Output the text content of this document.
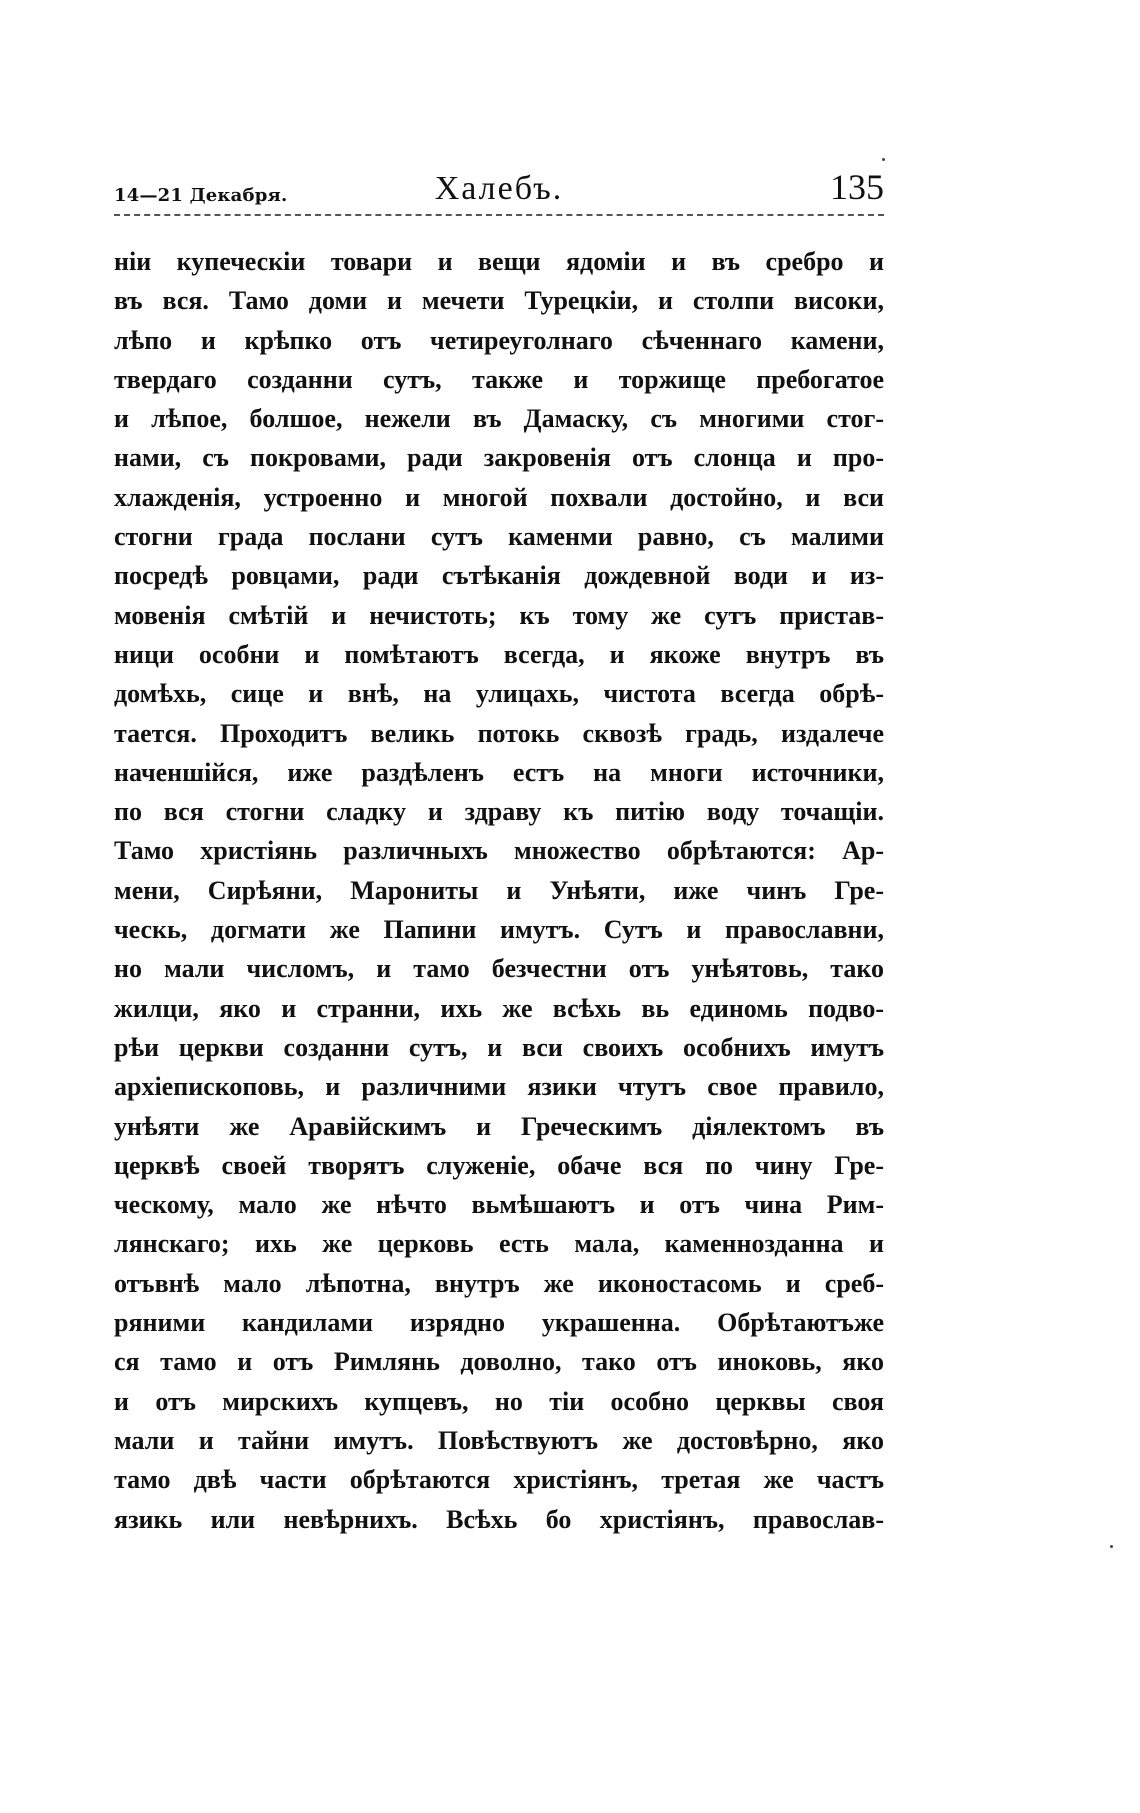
14—21 Декабря.	Халебъ.	135
ніи купеческіи товари и вещи ядоміи и въ сребро и
въ вся. Тамо доми и мечети Турецкіи, и столпи високи,
лѣпо и крѣпко отъ четиреуголнаго сѣченнаго камени,
твердаго созданни сутъ, также и торжище пребогатое
и лѣпое, болшое, нежели въ Дамаску, съ многими стог-
нами, съ покровами, ради закровенія отъ слонца и про-
хлажденія, устроенно и многой похвали достойно, и вси
стогни града послани сутъ каменми равно, съ малими
посредѣ ровцами, ради сътѣканія дождевной води и из-
мовенія смѣтій и нечистоть; къ тому же сутъ пристав-
ници особни и помѣтаютъ всегда, и якоже внутръ въ
домѣхь, сице и внѣ, на улицахь, чистота всегда обрѣ-
тается. Проходитъ великь потокь сквозѣ градь, издалече
наченшійся, иже раздѣленъ естъ на многи источники,
по вся стогни сладку и здраву къ питію воду точащіи.
Тамо христіянь различныхъ множество обрѣтаются: Ар-
мени, Сирѣяни, Марониты и Унѣяти, иже чинъ Гре-
ческь, догмати же Папини имутъ. Сутъ и православни,
но мали числомъ, и тамо безчестни отъ унѣятовь, тако
жилци, яко и странни, ихь же всѣхь вь единомь подво-
рѣи церкви созданни сутъ, и вси своихъ особнихъ имутъ
архіепископовь, и различними язики чтутъ свое правило,
унѣяти же Аравійскимъ и Греческимъ діялектомъ въ
церквѣ своей творятъ служеніе, обаче вся по чину Гре-
ческому, мало же нѣчто вьмѣшаютъ и отъ чина Рим-
лянскаго; ихь же церковь есть мала, каменнозданна и
отъвнѣ мало лѣпотна, внутръ же иконостасомь и среб-
ряними кандилами изрядно украшенна. Обрѣтаютъже
ся тамо и отъ Римлянь доволно, тако отъ иноковь, яко
и отъ мирскихъ купцевъ, но тіи особно церквы своя
мали и тайни имутъ. Повѣствуютъ же достовѣрно, яко
тамо двѣ части обрѣтаются христіянъ, третая же частъ
язикь или невѣрнихъ. Всѣхь бо христіянъ, православ-
